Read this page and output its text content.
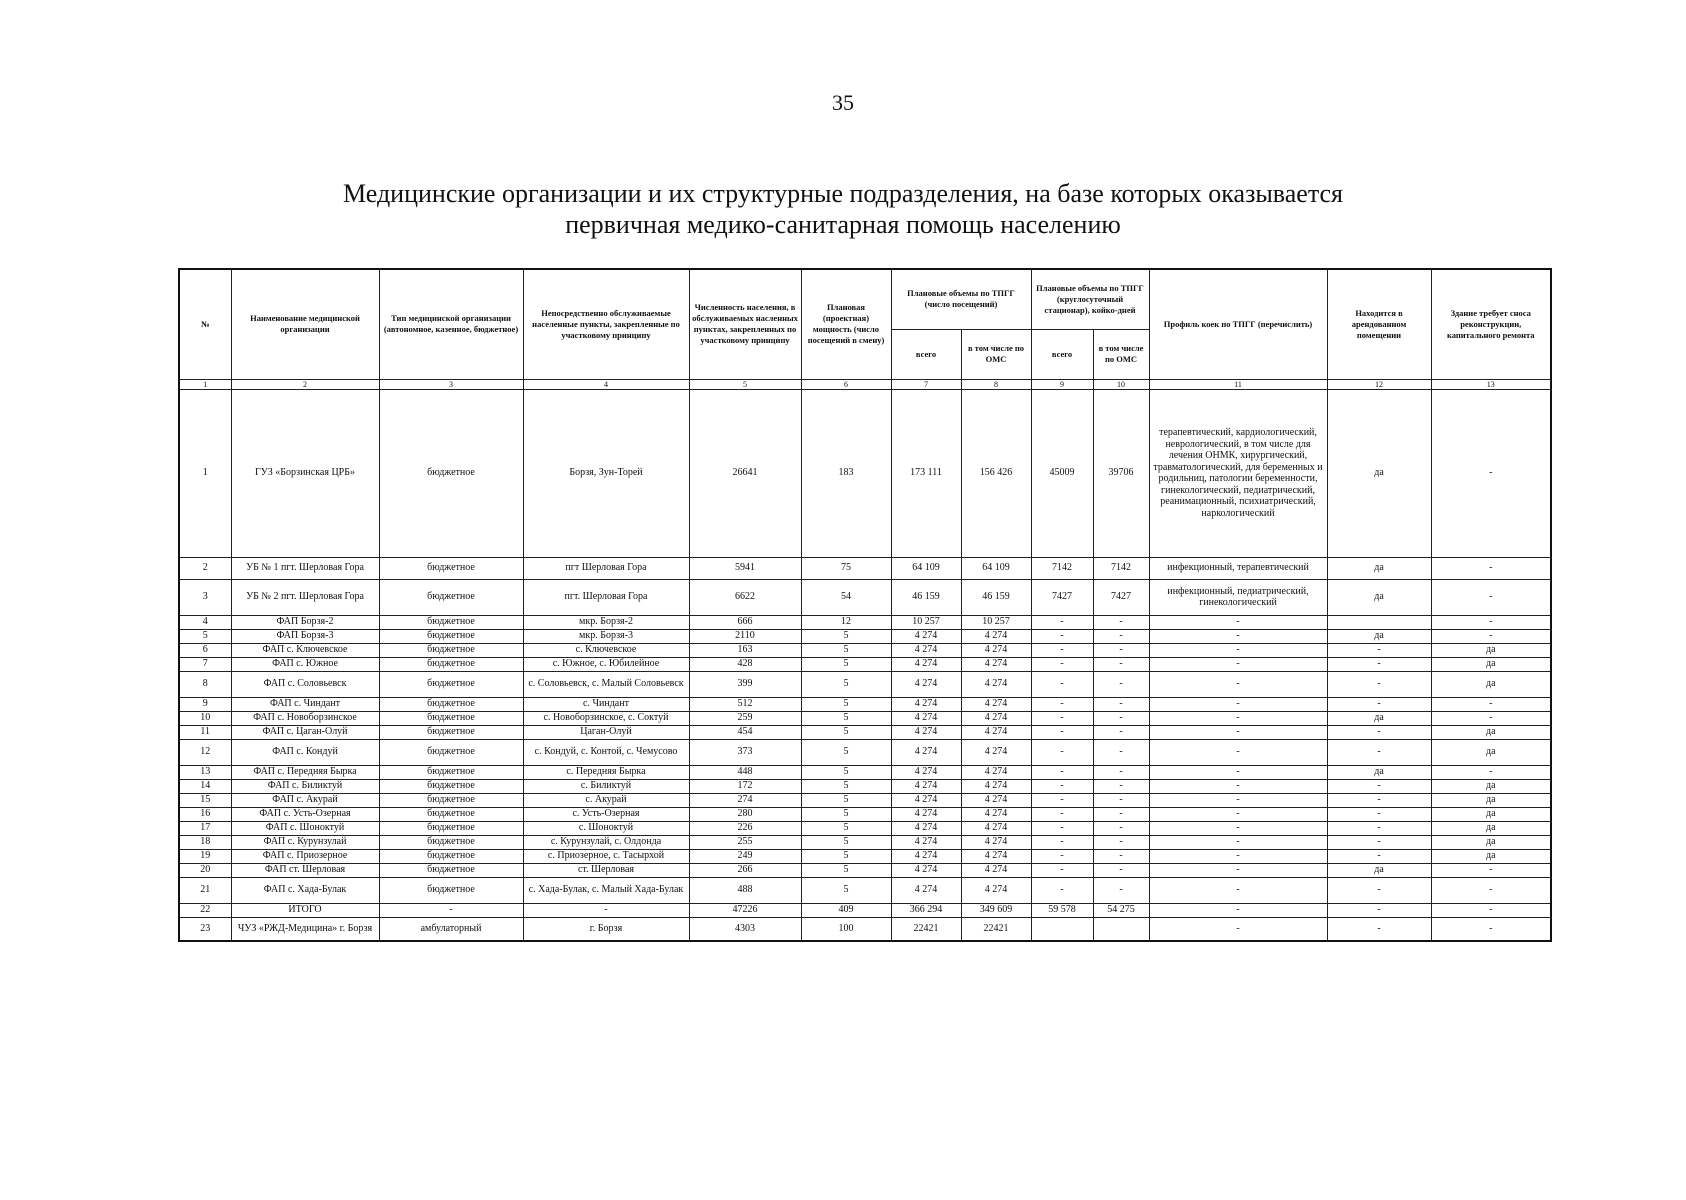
35
Медицинские организации и их структурные подразделения, на базе которых оказывается
первичная медико-санитарная помощь населению
№	Наименование медицинской организации	Тип медицинской организации (автономное, казенное, бюджетное)	Непосредственно обслуживаемые населенные пункты, закрепленные по участковому принципу	Численность населения, в обслуживаемых насленных пунктах, закрепленных по участковому принципу	Плановая (проектная) мощность (число посещений в смену)	Плановые объемы по ТПГГ (число посещений)		Плановые объемы по ТПГГ (круглосуточный стационар), койко-дней		Профиль коек по ТПГГ (перечислить)	Находится в арендованном помещении	Здание требует сноса реконструкции, капитального ремонта
						всего	в том числе по ОМС	всего	в том числе по ОМС			
1	2	3	4	5	6	7	8	9	10	11	12	13
1	ГУЗ «Борзинская ЦРБ»	бюджетное	Борзя, Зун-Торей	26641	183	173 111	156 426	45009	39706	терапевтический, кардиологический, неврологический, в том числе для лечения ОНМК, хирургический, травматологический, для беременных и родильниц, патологии беременности, гинекологический, педиатрический, реанимационный, психиатрический, наркологический	да	-
2	УБ № 1 пгт. Шерловая Гора	бюджетное	пгт Шерловая Гора	5941	75	64 109	64 109	7142	7142	инфекционный, терапевтический	да	-
3	УБ № 2 пгт. Шерловая Гора	бюджетное	пгт. Шерловая Гора	6622	54	46 159	46 159	7427	7427	инфекционный, педиатрический, гинекологический	да	-
4	ФАП Борзя-2	бюджетное	мкр. Борзя-2	666	12	10 257	10 257	-	-	-		-
5	ФАП Борзя-3	бюджетное	мкр. Борзя-3	2110	5	4 274	4 274	-	-	-	да	-
6	ФАП с. Ключевское	бюджетное	с. Ключевское	163	5	4 274	4 274	-	-	-	-	да
7	ФАП с. Южное	бюджетное	с. Южное, с. Юбилейное	428	5	4 274	4 274	-	-	-	-	да
8	ФАП с. Соловьевск	бюджетное	с. Соловьевск, с. Малый Соловьевск	399	5	4 274	4 274	-	-	-	-	да
9	ФАП с. Чиндант	бюджетное	с. Чиндант	512	5	4 274	4 274	-	-	-	-	-
10	ФАП с. Новоборзинское	бюджетное	с. Новоборзинское, с. Соктуй	259	5	4 274	4 274	-	-	-	да	-
11	ФАП с. Цаган-Олуй	бюджетное	Цаган-Олуй	454	5	4 274	4 274	-	-	-	-	да
12	ФАП с. Кондуй	бюджетное	с. Кондуй, с. Контой, с. Чемусово	373	5	4 274	4 274	-	-	-	-	да
13	ФАП с. Передняя Бырка	бюджетное	с. Передняя Бырка	448	5	4 274	4 274	-	-	-	да	-
14	ФАП с. Биликтуй	бюджетное	с. Биликтуй	172	5	4 274	4 274	-	-	-	-	да
15	ФАП с. Акурай	бюджетное	с. Акурай	274	5	4 274	4 274	-	-	-	-	да
16	ФАП с. Усть-Озерная	бюджетное	с. Усть-Озерная	280	5	4 274	4 274	-	-	-	-	да
17	ФАП с. Шоноктуй	бюджетное	с. Шоноктуй	226	5	4 274	4 274	-	-	-	-	да
18	ФАП с. Курунзулай	бюджетное	с. Курунзулай, с. Олдонда	255	5	4 274	4 274	-	-	-	-	да
19	ФАП с. Приозерное	бюджетное	с. Приозерное, с. Тасырхой	249	5	4 274	4 274	-	-	-	-	да
20	ФАП ст. Шерловая	бюджетное	ст. Шерловая	266	5	4 274	4 274	-	-	-	да	-
21	ФАП с. Хада-Булак	бюджетное	с. Хада-Булак, с. Малый Хада-Булак	488	5	4 274	4 274	-	-	-	-	-
22	ИТОГО	-	-	47226	409	366 294	349 609	59 578	54 275	-	-	-
23	ЧУЗ «РЖД-Медицина» г. Борзя	амбулаторный	г. Борзя	4303	100	22421	22421			-	-	-
